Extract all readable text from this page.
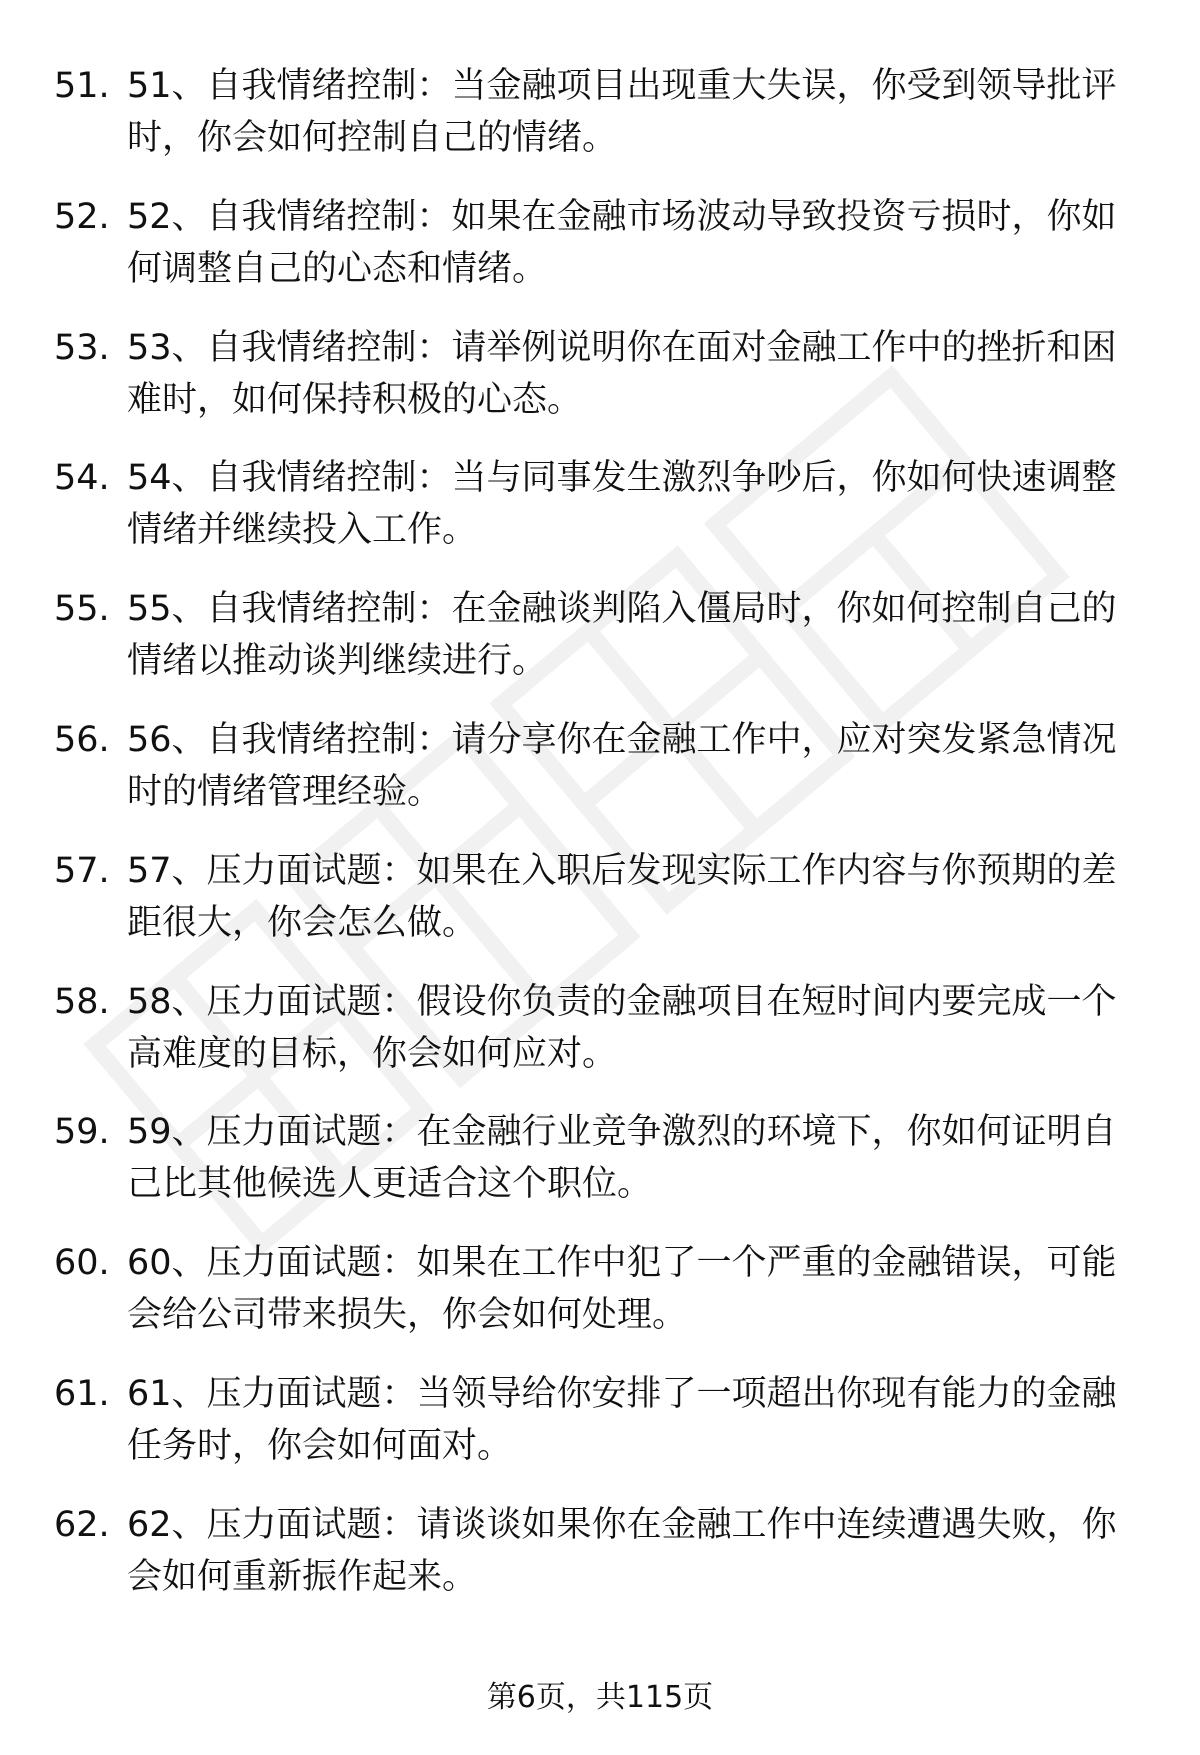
51. 51、自我情绪控制：当金融项目出现重大失误，你受到领导批评时，你会如何控制自己的情绪。
52. 52、自我情绪控制：如果在金融市场波动导致投资亏损时，你如何调整自己的心态和情绪。
53. 53、自我情绪控制：请举例说明你在面对金融工作中的挫折和困难时，如何保持积极的心态。
54. 54、自我情绪控制：当与同事发生激烈争吵后，你如何快速调整情绪并继续投入工作。
55. 55、自我情绪控制：在金融谈判陷入僵局时，你如何控制自己的情绪以推动谈判继续进行。
56. 56、自我情绪控制：请分享你在金融工作中，应对突发紧急情况时的情绪管理经验。
57. 57、压力面试题：如果在入职后发现实际工作内容与你预期的差距很大，你会怎么做。
58. 58、压力面试题：假设你负责的金融项目在短时间内要完成一个高难度的目标，你会如何应对。
59. 59、压力面试题：在金融行业竞争激烈的环境下，你如何证明自己比其他候选人更适合这个职位。
60. 60、压力面试题：如果在工作中犯了一个严重的金融错误，可能会给公司带来损失，你会如何处理。
61. 61、压力面试题：当领导给你安排了一项超出你现有能力的金融任务时，你会如何面对。
62. 62、压力面试题：请谈谈如果你在金融工作中连续遭遇失败，你会如何重新振作起来。
第6页，共115页
